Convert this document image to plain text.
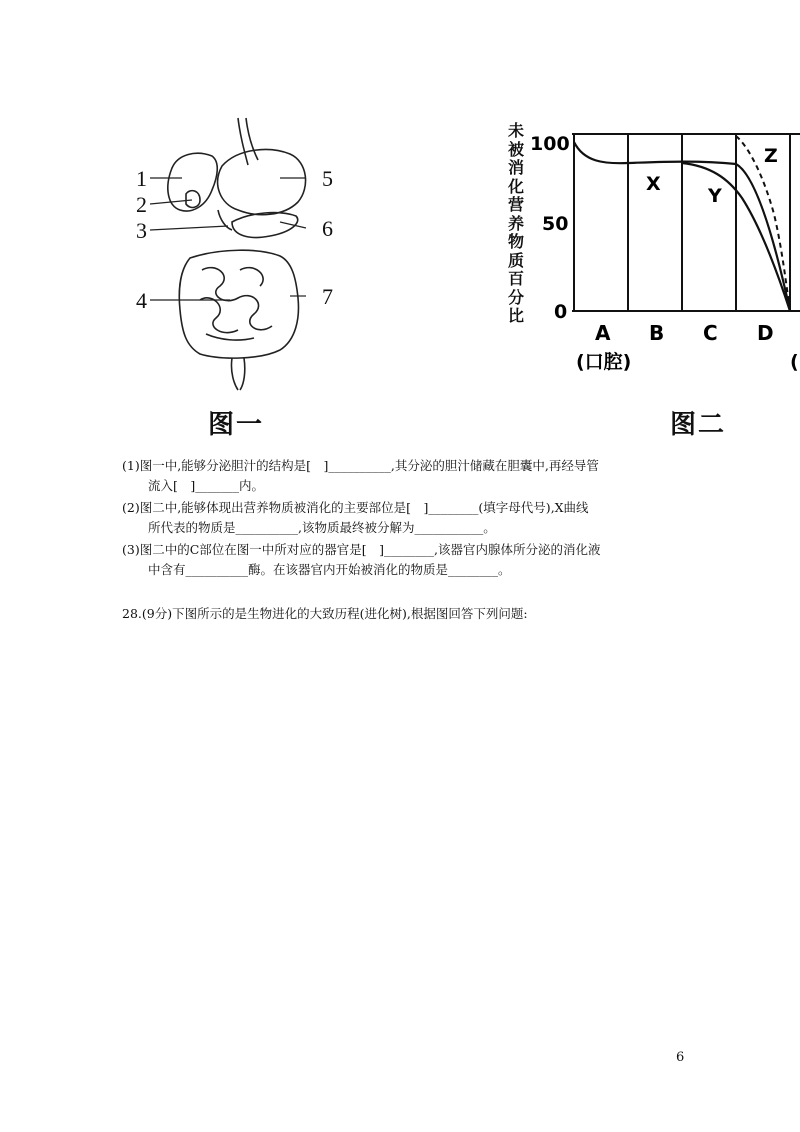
1
2
3
4
5
6
7
图一
未
被
消
化
营
养
物
质
百
分
比
100
50
0
X
Y
Z
A B C D
(口腔)	(
图二
(1)图一中,能够分泌胆汁的结构是[　]__________,其分泌的胆汁储藏在胆囊中,再经导管
流入[　]_______内。
(2)图二中,能够体现出营养物质被消化的主要部位是[　]________(填字母代号),X曲线
所代表的物质是__________,该物质最终被分解为___________。
(3)图二中的C部位在图一中所对应的器官是[　]________,该器官内腺体所分泌的消化液
中含有__________酶。在该器官内开始被消化的物质是________。
28.(9分)下图所示的是生物进化的大致历程(进化树),根据图回答下列问题:
6
